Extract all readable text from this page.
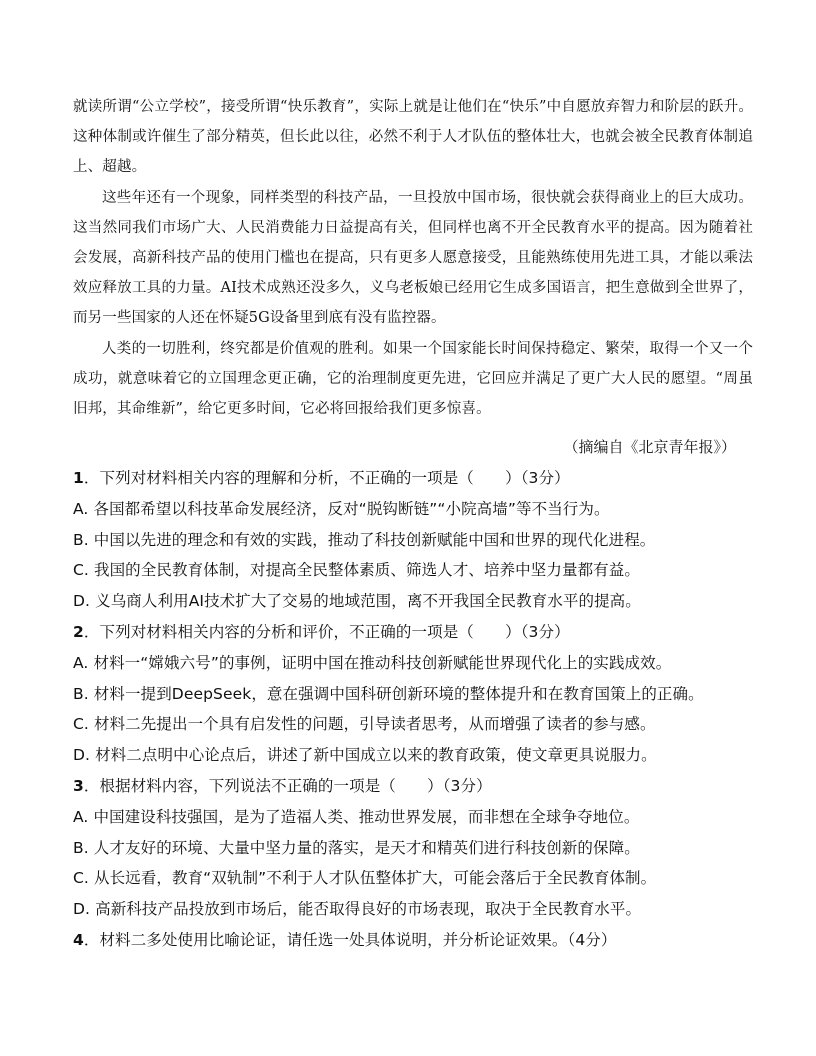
就读所谓“公立学校”，接受所谓“快乐教育”，实际上就是让他们在“快乐”中自愿放弃智力和阶层的跃升。这种体制或许催生了部分精英，但长此以往，必然不利于人才队伍的整体壮大，也就会被全民教育体制追上、超越。

这些年还有一个现象，同样类型的科技产品，一旦投放中国市场，很快就会获得商业上的巨大成功。这当然同我们市场广大、人民消费能力日益提高有关，但同样也离不开全民教育水平的提高。因为随着社会发展，高新科技产品的使用门槛也在提高，只有更多人愿意接受，且能熟练使用先进工具，才能以乘法效应释放工具的力量。AI技术成熟还没多久，义乌老板娘已经用它生成多国语言，把生意做到全世界了，而另一些国家的人还在怀疑5G设备里到底有没有监控器。

人类的一切胜利，终究都是价值观的胜利。如果一个国家能长时间保持稳定、繁荣，取得一个又一个成功，就意味着它的立国理念更正确，它的治理制度更先进，它回应并满足了更广大人民的愿望。“周虽旧邦，其命维新”，给它更多时间，它必将回报给我们更多惊喜。

（摘编自《北京青年报》）
1．下列对材料相关内容的理解和分析，不正确的一项是（　　）（3分）
A. 各国都希望以科技革命发展经济，反对“脱钩断链”“小院高墙”等不当行为。
B. 中国以先进的理念和有效的实践，推动了科技创新赋能中国和世界的现代化进程。
C. 我国的全民教育体制，对提高全民整体素质、筛选人才、培养中坚力量都有益。
D. 义乌商人利用AI技术扩大了交易的地域范围，离不开我国全民教育水平的提高。
2．下列对材料相关内容的分析和评价，不正确的一项是（　　）（3分）
A. 材料一“嫦娥六号”的事例，证明中国在推动科技创新赋能世界现代化上的实践成效。
B. 材料一提到DeepSeek，意在强调中国科研创新环境的整体提升和在教育国策上的正确。
C. 材料二先提出一个具有启发性的问题，引导读者思考，从而增强了读者的参与感。
D. 材料二点明中心论点后，讲述了新中国成立以来的教育政策，使文章更具说服力。
3．根据材料内容，下列说法不正确的一项是（　　）（3分）
A. 中国建设科技强国，是为了造福人类、推动世界发展，而非想在全球争夺地位。
B. 人才友好的环境、大量中坚力量的落实，是天才和精英们进行科技创新的保障。
C. 从长远看，教育“双轨制”不利于人才队伍整体扩大，可能会落后于全民教育体制。
D. 高新科技产品投放到市场后，能否取得良好的市场表现，取决于全民教育水平。
4．材料二多处使用比喻论证，请任选一处具体说明，并分析论证效果。（4分）
